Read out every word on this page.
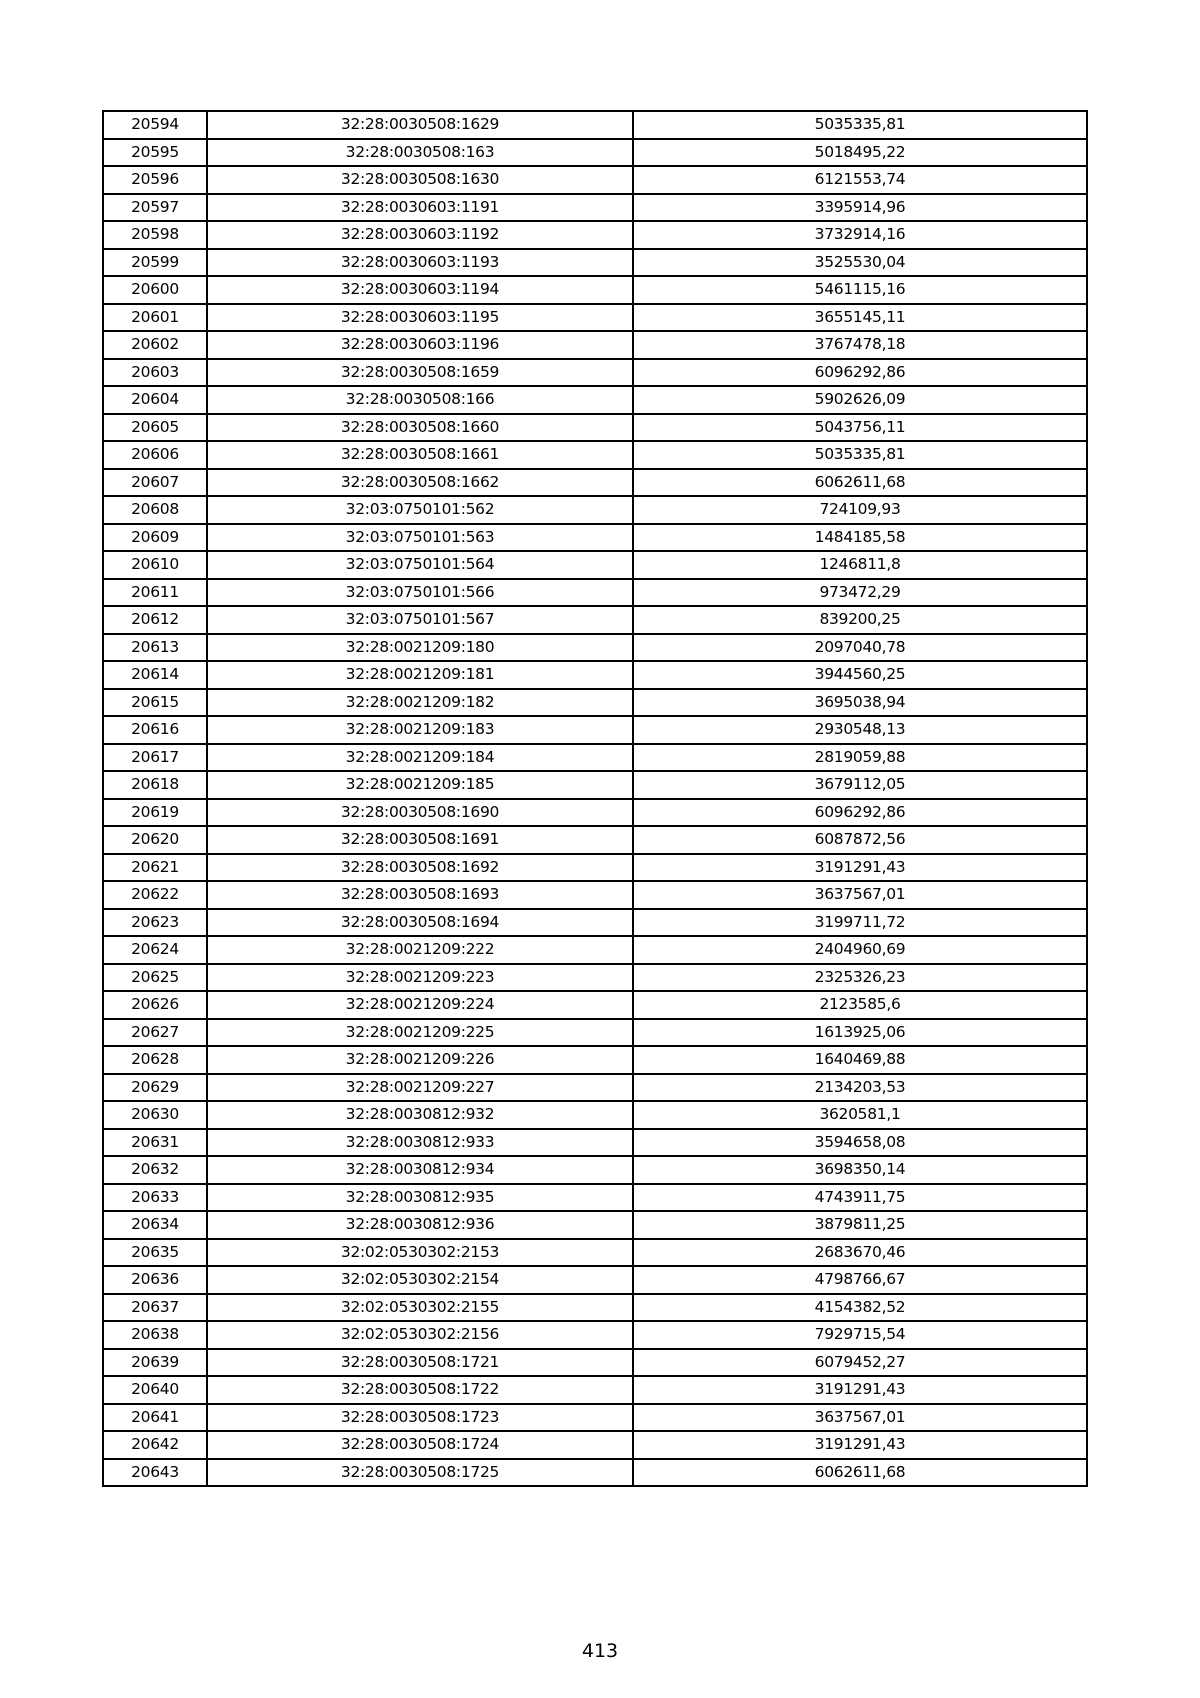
20594	32:28:0030508:1629	5035335,81
20595	32:28:0030508:163	5018495,22
20596	32:28:0030508:1630	6121553,74
20597	32:28:0030603:1191	3395914,96
20598	32:28:0030603:1192	3732914,16
20599	32:28:0030603:1193	3525530,04
20600	32:28:0030603:1194	5461115,16
20601	32:28:0030603:1195	3655145,11
20602	32:28:0030603:1196	3767478,18
20603	32:28:0030508:1659	6096292,86
20604	32:28:0030508:166	5902626,09
20605	32:28:0030508:1660	5043756,11
20606	32:28:0030508:1661	5035335,81
20607	32:28:0030508:1662	6062611,68
20608	32:03:0750101:562	724109,93
20609	32:03:0750101:563	1484185,58
20610	32:03:0750101:564	1246811,8
20611	32:03:0750101:566	973472,29
20612	32:03:0750101:567	839200,25
20613	32:28:0021209:180	2097040,78
20614	32:28:0021209:181	3944560,25
20615	32:28:0021209:182	3695038,94
20616	32:28:0021209:183	2930548,13
20617	32:28:0021209:184	2819059,88
20618	32:28:0021209:185	3679112,05
20619	32:28:0030508:1690	6096292,86
20620	32:28:0030508:1691	6087872,56
20621	32:28:0030508:1692	3191291,43
20622	32:28:0030508:1693	3637567,01
20623	32:28:0030508:1694	3199711,72
20624	32:28:0021209:222	2404960,69
20625	32:28:0021209:223	2325326,23
20626	32:28:0021209:224	2123585,6
20627	32:28:0021209:225	1613925,06
20628	32:28:0021209:226	1640469,88
20629	32:28:0021209:227	2134203,53
20630	32:28:0030812:932	3620581,1
20631	32:28:0030812:933	3594658,08
20632	32:28:0030812:934	3698350,14
20633	32:28:0030812:935	4743911,75
20634	32:28:0030812:936	3879811,25
20635	32:02:0530302:2153	2683670,46
20636	32:02:0530302:2154	4798766,67
20637	32:02:0530302:2155	4154382,52
20638	32:02:0530302:2156	7929715,54
20639	32:28:0030508:1721	6079452,27
20640	32:28:0030508:1722	3191291,43
20641	32:28:0030508:1723	3637567,01
20642	32:28:0030508:1724	3191291,43
20643	32:28:0030508:1725	6062611,68
413
